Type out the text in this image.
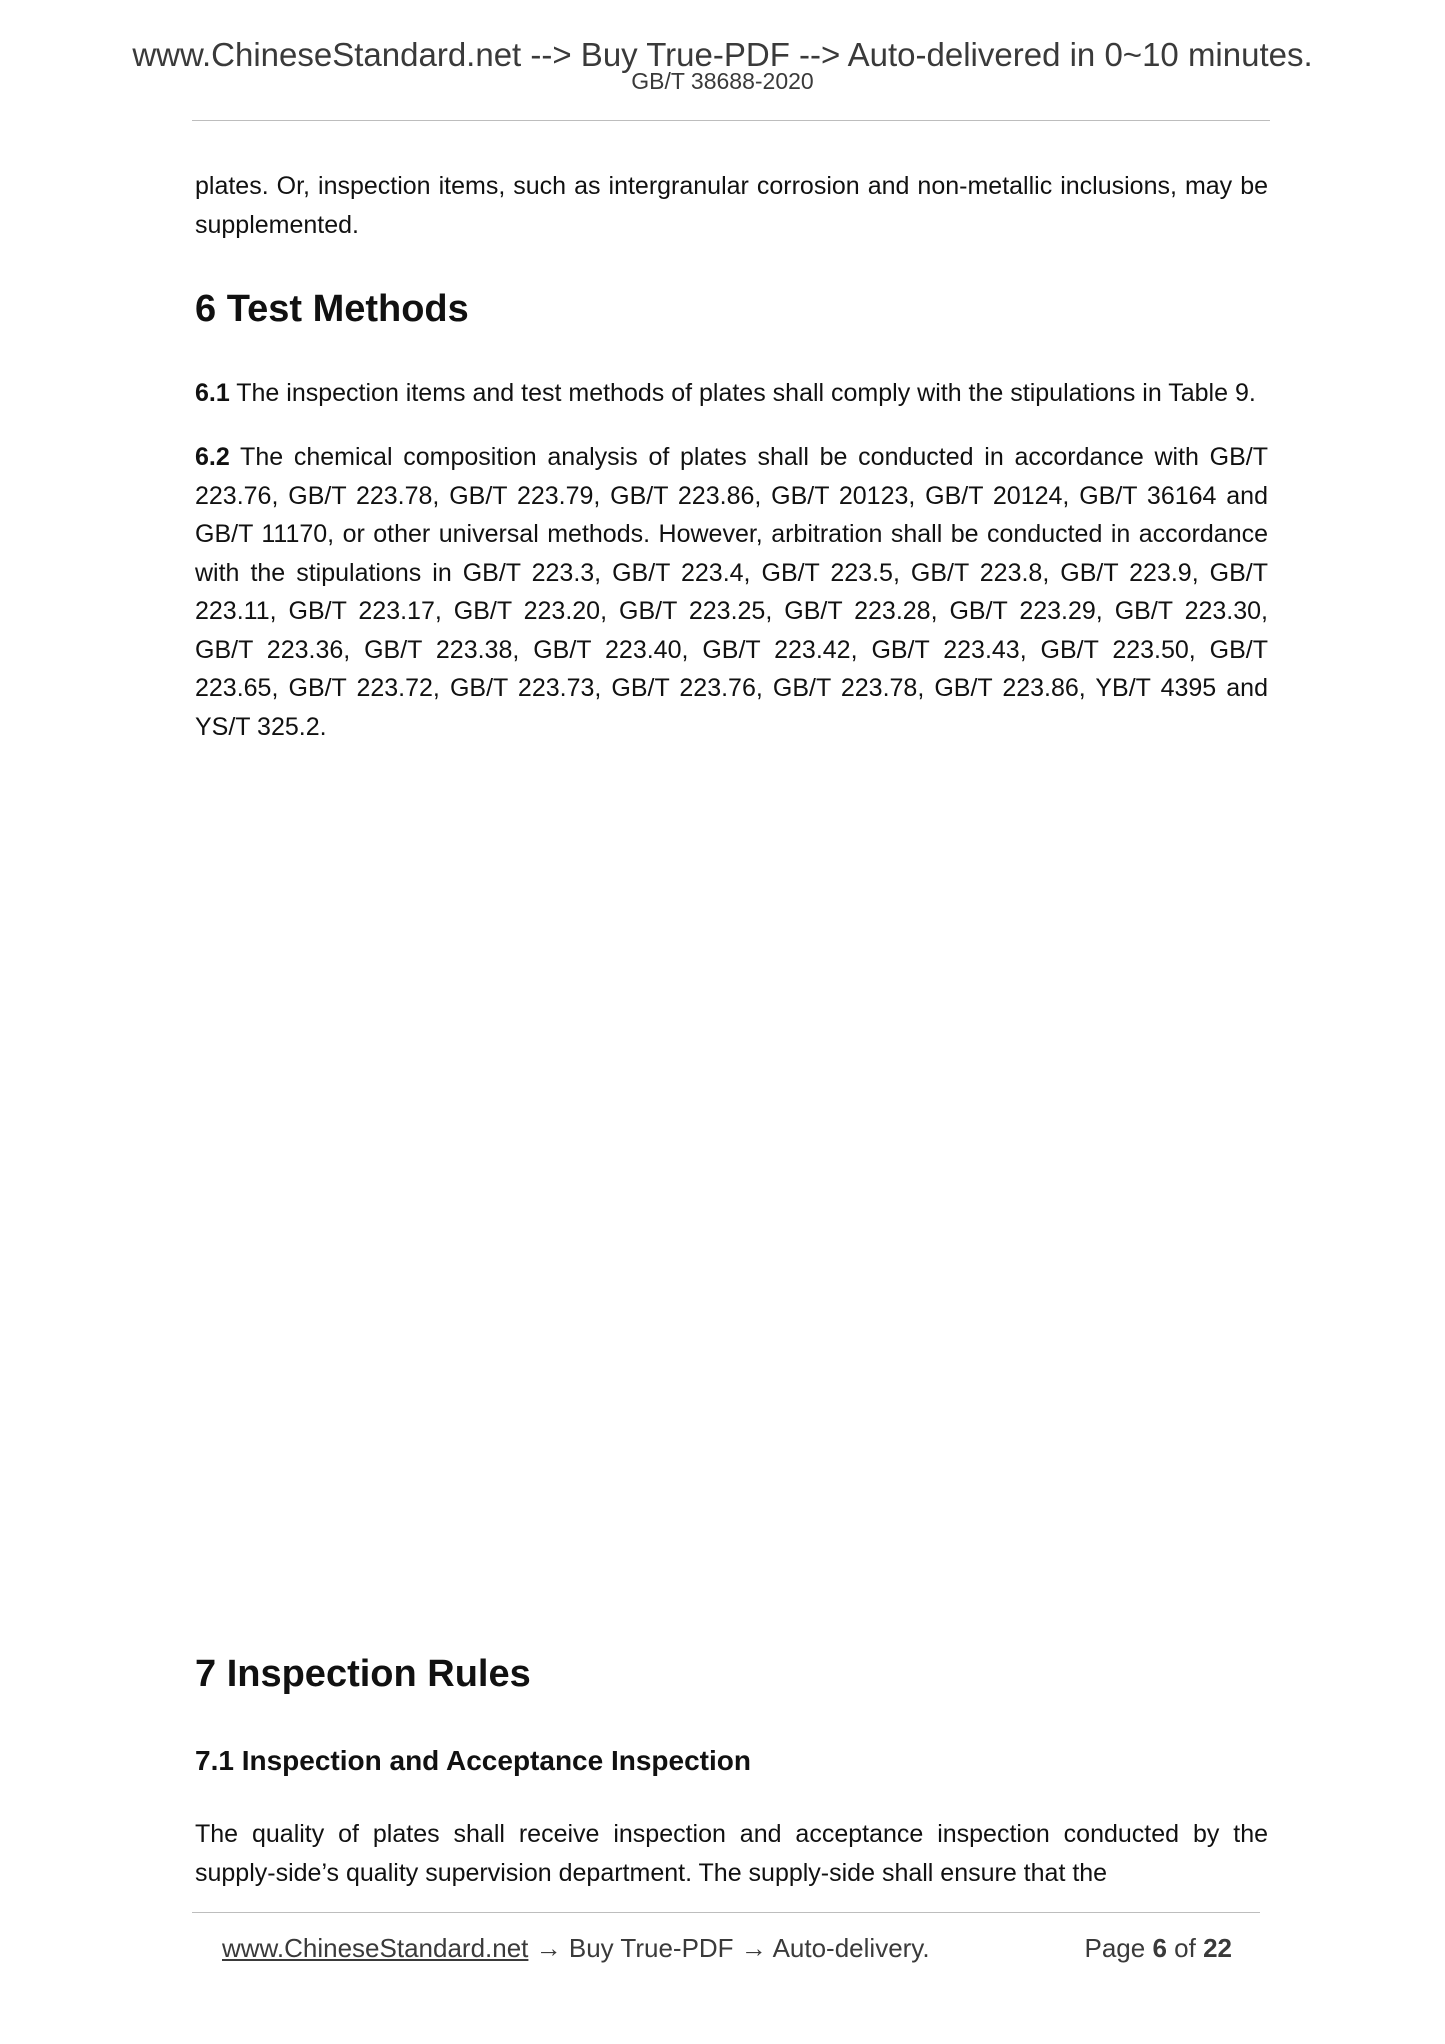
www.ChineseStandard.net --> Buy True-PDF --> Auto-delivered in 0~10 minutes.
GB/T 38688-2020

plates. Or, inspection items, such as intergranular corrosion and non-metallic inclusions, may be supplemented.

6 Test Methods

6.1 The inspection items and test methods of plates shall comply with the stipulations in Table 9.

6.2 The chemical composition analysis of plates shall be conducted in accordance with GB/T 223.76, GB/T 223.78, GB/T 223.79, GB/T 223.86, GB/T 20123, GB/T 20124, GB/T 36164 and GB/T 11170, or other universal methods. However, arbitration shall be conducted in accordance with the stipulations in GB/T 223.3, GB/T 223.4, GB/T 223.5, GB/T 223.8, GB/T 223.9, GB/T 223.11, GB/T 223.17, GB/T 223.20, GB/T 223.25, GB/T 223.28, GB/T 223.29, GB/T 223.30, GB/T 223.36, GB/T 223.38, GB/T 223.40, GB/T 223.42, GB/T 223.43, GB/T 223.50, GB/T 223.65, GB/T 223.72, GB/T 223.73, GB/T 223.76, GB/T 223.78, GB/T 223.86, YB/T 4395 and YS/T 325.2.

7 Inspection Rules
7.1 Inspection and Acceptance Inspection

The quality of plates shall receive inspection and acceptance inspection conducted by the supply-side’s quality supervision department. The supply-side shall ensure that the

www.ChineseStandard.net → Buy True-PDF → Auto-delivery.	Page 6 of 22
